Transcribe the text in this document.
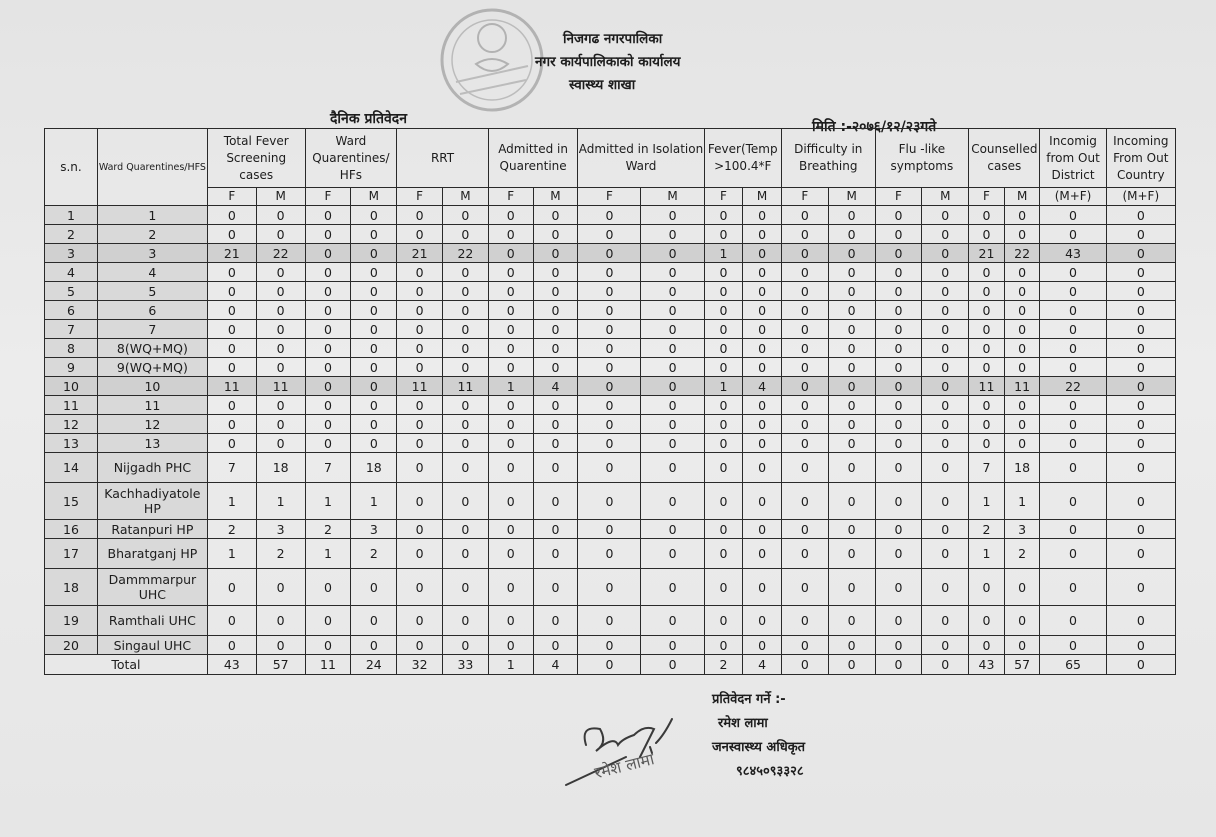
निजगढ नगरपालिका
नगर कार्यपालिकाको कार्यालय
स्वास्थ्य शाखा
दैनिक प्रतिवेदन	मिति :-२०७६/१२/२३गते
s.n.	Ward Quarentines/HFS	Total Fever Screening cases		Ward Quarentines/ HFs		RRT		Admitted in Quarentine		Admitted in Isolation Ward		Fever(Temp >100.4*F		Difficulty in Breathing		Flu -like symptoms		Counselled cases		Incomig from Out District	Incoming From Out Country
		F	M	F	M	F	M	F	M	F	M	F	M	F	M	F	M	F	M	(M+F)	(M+F)
1	1	0	0	0	0	0	0	0	0	0	0	0	0	0	0	0	0	0	0	0	0
2	2	0	0	0	0	0	0	0	0	0	0	0	0	0	0	0	0	0	0	0	0
3	3	21	22	0	0	21	22	0	0	0	0	1	0	0	0	0	0	21	22	43	0
4	4	0	0	0	0	0	0	0	0	0	0	0	0	0	0	0	0	0	0	0	0
5	5	0	0	0	0	0	0	0	0	0	0	0	0	0	0	0	0	0	0	0	0
6	6	0	0	0	0	0	0	0	0	0	0	0	0	0	0	0	0	0	0	0	0
7	7	0	0	0	0	0	0	0	0	0	0	0	0	0	0	0	0	0	0	0	0
8	8(WQ+MQ)	0	0	0	0	0	0	0	0	0	0	0	0	0	0	0	0	0	0	0	0
9	9(WQ+MQ)	0	0	0	0	0	0	0	0	0	0	0	0	0	0	0	0	0	0	0	0
10	10	11	11	0	0	11	11	1	4	0	0	1	4	0	0	0	0	11	11	22	0
11	11	0	0	0	0	0	0	0	0	0	0	0	0	0	0	0	0	0	0	0	0
12	12	0	0	0	0	0	0	0	0	0	0	0	0	0	0	0	0	0	0	0	0
13	13	0	0	0	0	0	0	0	0	0	0	0	0	0	0	0	0	0	0	0	0
14	Nijgadh PHC	7	18	7	18	0	0	0	0	0	0	0	0	0	0	0	0	7	18	0	0
15	Kachhadiyatole HP	1	1	1	1	0	0	0	0	0	0	0	0	0	0	0	0	1	1	0	0
16	Ratanpuri HP	2	3	2	3	0	0	0	0	0	0	0	0	0	0	0	0	2	3	0	0
17	Bharatganj HP	1	2	1	2	0	0	0	0	0	0	0	0	0	0	0	0	1	2	0	0
18	Dammmarpur UHC	0	0	0	0	0	0	0	0	0	0	0	0	0	0	0	0	0	0	0	0
19	Ramthali UHC	0	0	0	0	0	0	0	0	0	0	0	0	0	0	0	0	0	0	0	0
20	Singaul UHC	0	0	0	0	0	0	0	0	0	0	0	0	0	0	0	0	0	0	0	0
Total		43	57	11	24	32	33	1	4	0	0	2	4	0	0	0	0	43	57	65	0
प्रतिवेदन गर्ने :-
रमेश लामा
जनस्वास्थ्य अधिकृत
९८४५०९३३२८
रमेश लामा
